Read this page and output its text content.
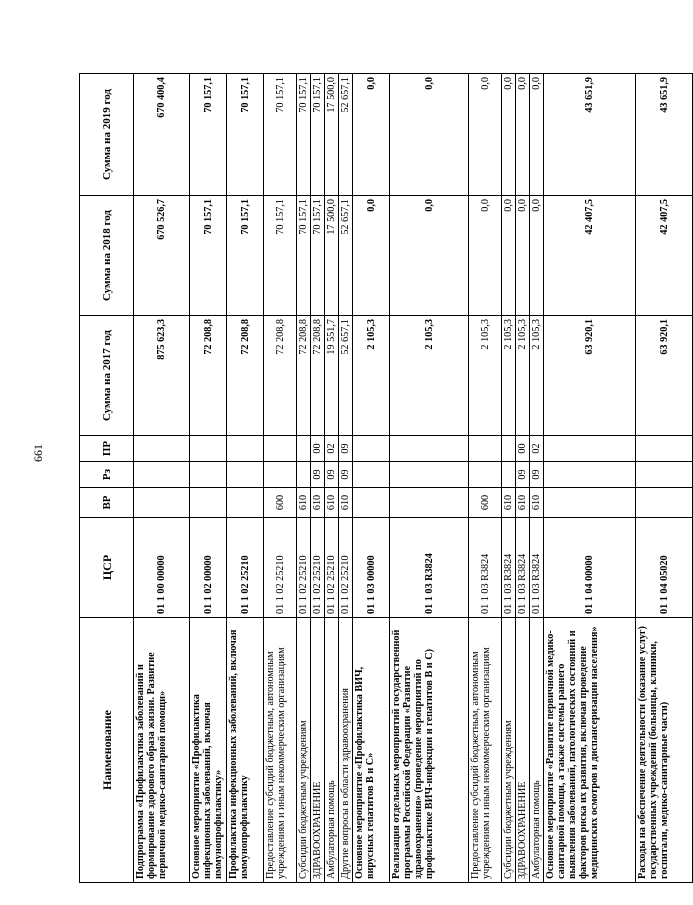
661
Наименование	ЦСР	ВР	Рз	ПР	Сумма на 2017 год	Сумма на 2018 год	Сумма на 2019 год
Подпрограмма «Профилактика заболеваний и формирование здорового образа жизни. Развитие первичной медико-санитарной помощи»	01 1 00 00000				875 623,3	670 526,7	670 400,4
Основное мероприятие «Профилактика инфекционных заболеваний, включая иммунопрофилактику»	01 1 02 00000				72 208,8	70 157,1	70 157,1
Профилактика инфекционных заболеваний, включая иммунопрофилактику	01 1 02 25210				72 208,8	70 157,1	70 157,1
Предоставление субсидий бюджетным, автономным учреждениям и иным некоммерческим организациям	01 1 02 25210	600			72 208,8	70 157,1	70 157,1
Субсидии бюджетным учреждениям	01 1 02 25210	610			72 208,8	70 157,1	70 157,1
ЗДРАВООХРАНЕНИЕ	01 1 02 25210	610	09	00	72 208,8	70 157,1	70 157,1
Амбулаторная помощь	01 1 02 25210	610	09	02	19 551,7	17 500,0	17 500,0
Другие вопросы в области здравоохранения	01 1 02 25210	610	09	09	52 657,1	52 657,1	52 657,1
Основное мероприятие «Профилактика ВИЧ, вирусных гепатитов В и С»	01 1 03 00000				2 105,3	0,0	0,0
Реализация отдельных мероприятий государственной программы Российской Федерации «Развитие здравоохранения» (проведение мероприятий по профилактике ВИЧ-инфекции и гепатитов В и С)	01 1 03 R3824				2 105,3	0,0	0,0
Предоставление субсидий бюджетным, автономным учреждениям и иным некоммерческим организациям	01 1 03 R3824	600			2 105,3	0,0	0,0
Субсидии бюджетным учреждениям	01 1 03 R3824	610			2 105,3	0,0	0,0
ЗДРАВООХРАНЕНИЕ	01 1 03 R3824	610	09	00	2 105,3	0,0	0,0
Амбулаторная помощь	01 1 03 R3824	610	09	02	2 105,3	0,0	0,0
Основное мероприятие «Развитие первичной медико-санитарной помощи, а также системы раннего выявления заболеваний, патологических состояний и факторов риска их развития, включая проведение медицинских осмотров и диспансеризации населения»	01 1 04 00000				63 920,1	42 407,5	43 651,9
Расходы на обеспечение деятельности (оказание услуг) государственных учреждений (больницы, клиники, госпитали, медико-санитарные части)	01 1 04 05020				63 920,1	42 407,5	43 651,9
